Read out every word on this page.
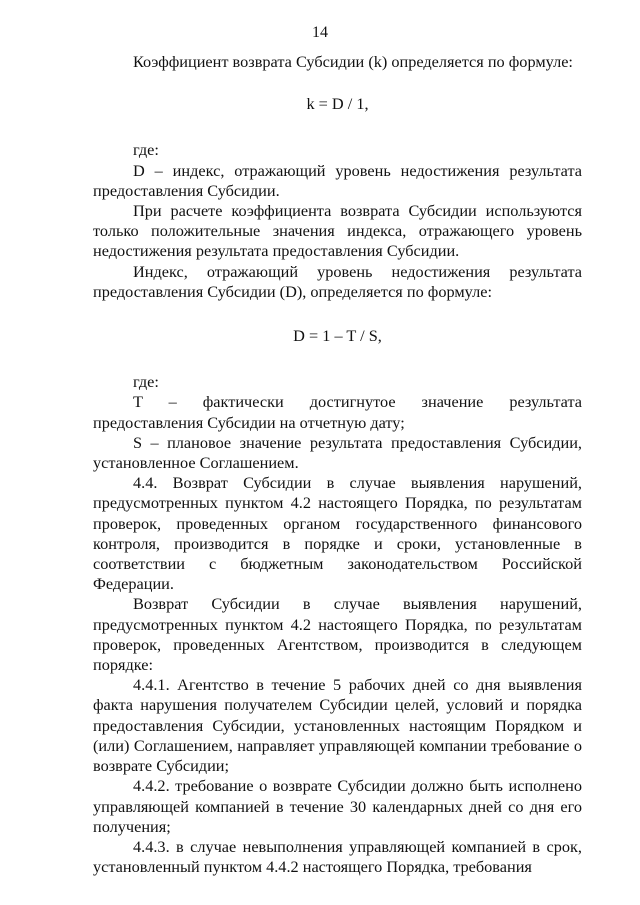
14

Коэффициент возврата Субсидии (k) определяется по формуле:

k = D / 1,

где:

D – индекс, отражающий уровень недостижения результата предоставления Субсидии.

При расчете коэффициента возврата Субсидии используются только положительные значения индекса, отражающего уровень недостижения результата предоставления Субсидии.

Индекс, отражающий уровень недостижения результата предоставления Субсидии (D), определяется по формуле:

D = 1 – T / S,

где:

T – фактически достигнутое значение результата предоставления Субсидии на отчетную дату;

S – плановое значение результата предоставления Субсидии, установленное Соглашением.

4.4. Возврат Субсидии в случае выявления нарушений, предусмотренных пунктом 4.2 настоящего Порядка, по результатам проверок, проведенных органом государственного финансового контроля, производится в порядке и сроки, установленные в соответствии с бюджетным законодательством Российской Федерации.

Возврат Субсидии в случае выявления нарушений, предусмотренных пунктом 4.2 настоящего Порядка, по результатам проверок, проведенных Агентством, производится в следующем порядке:

4.4.1. Агентство в течение 5 рабочих дней со дня выявления факта нарушения получателем Субсидии целей, условий и порядка предоставления Субсидии, установленных настоящим Порядком и (или) Соглашением, направляет управляющей компании требование о возврате Субсидии;

4.4.2. требование о возврате Субсидии должно быть исполнено управляющей компанией в течение 30 календарных дней со дня его получения;

4.4.3. в случае невыполнения управляющей компанией в срок, установленный пунктом 4.4.2 настоящего Порядка, требования
